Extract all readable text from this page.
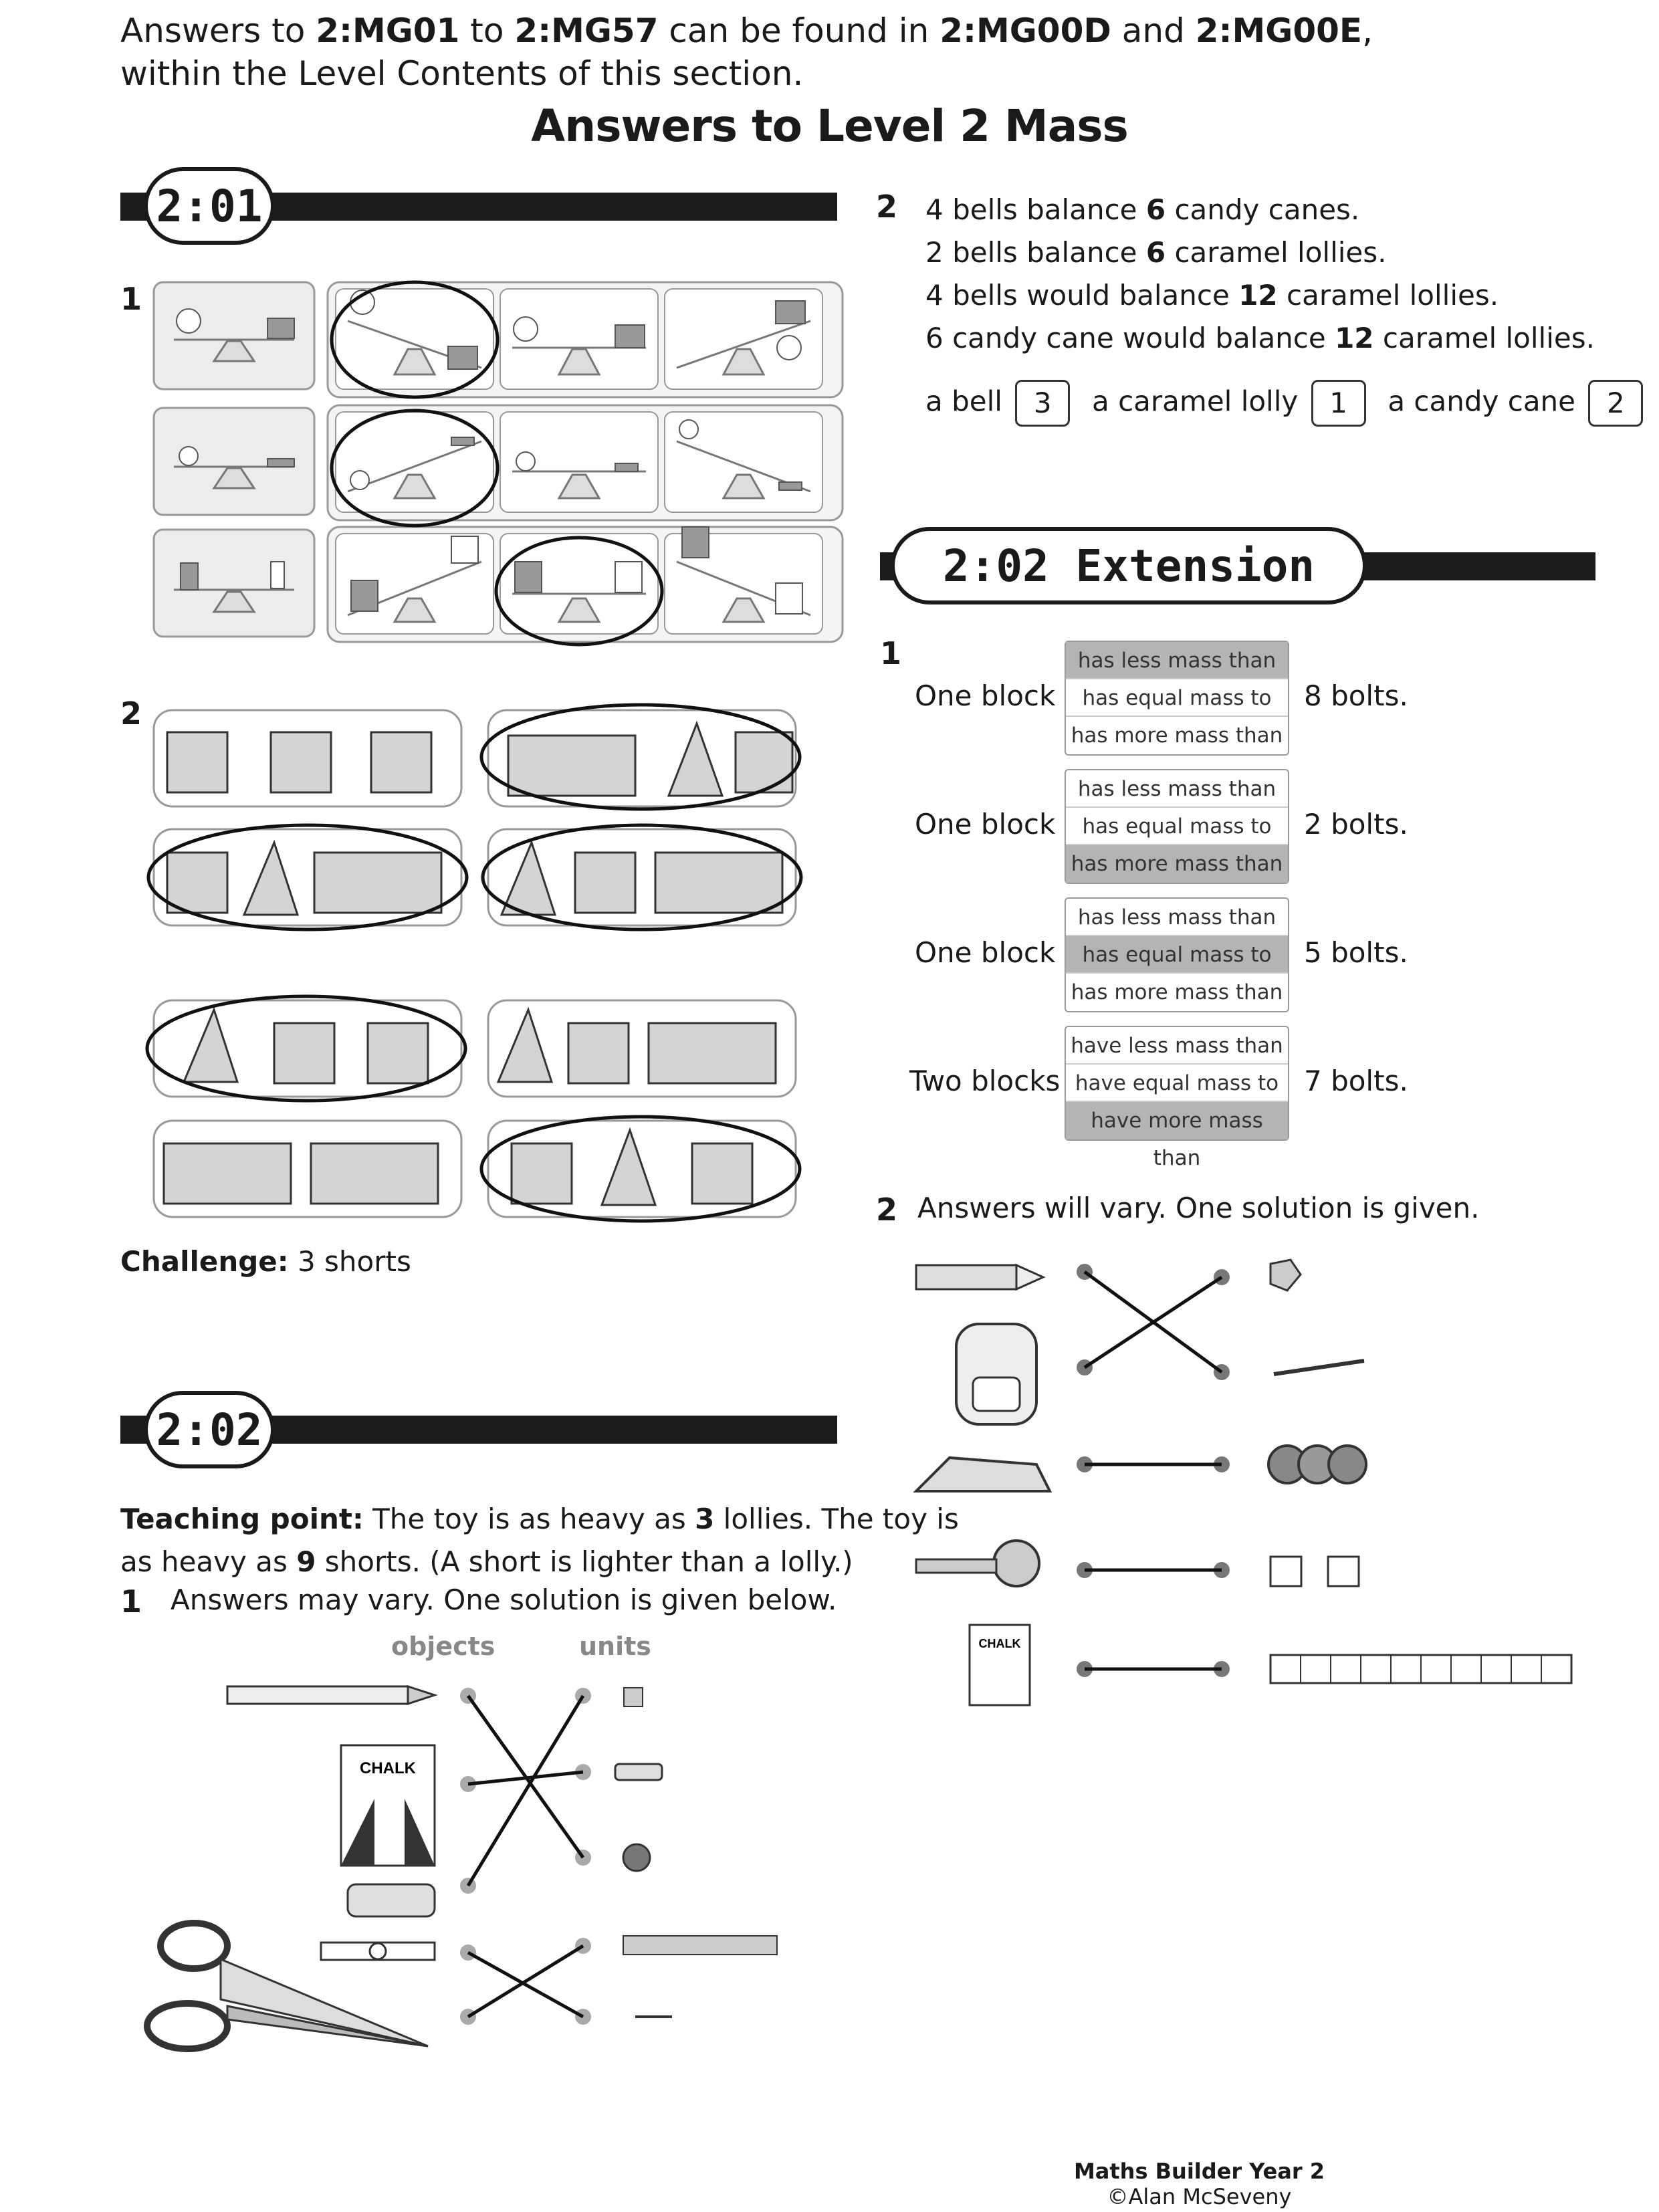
Answers to 2:MG01 to 2:MG57 can be found in 2:MG00D and 2:MG00E,
within the Level Contents of this section.
Answers to Level 2 Mass
2:01
1
2
Challenge: 3 shorts
2:02
Teaching point: The toy is as heavy as 3 lollies. The toy is
as heavy as 9 shorts. (A short is lighter than a lolly.)
1 Answers may vary. One solution is given below.
objects	units
CHALK
2 4 bells balance 6 candy canes.
2 bells balance 6 caramel lollies.
4 bells would balance 12 caramel lollies.
6 candy cane would balance 12 caramel lollies.
a bell 3 a caramel lolly 1 a candy cane 2
2:02 Extension
1
One block
has less mass than
has equal mass to
has more mass than
8 bolts.
One block
has less mass than
has equal mass to
has more mass than
2 bolts.
One block
has less mass than
has equal mass to
has more mass than
5 bolts.
Two blocks
have less mass than
have equal mass to
have more mass than
7 bolts.
2 Answers will vary. One solution is given.
CHALK
Maths Builder Year 2
©Alan McSeveny
